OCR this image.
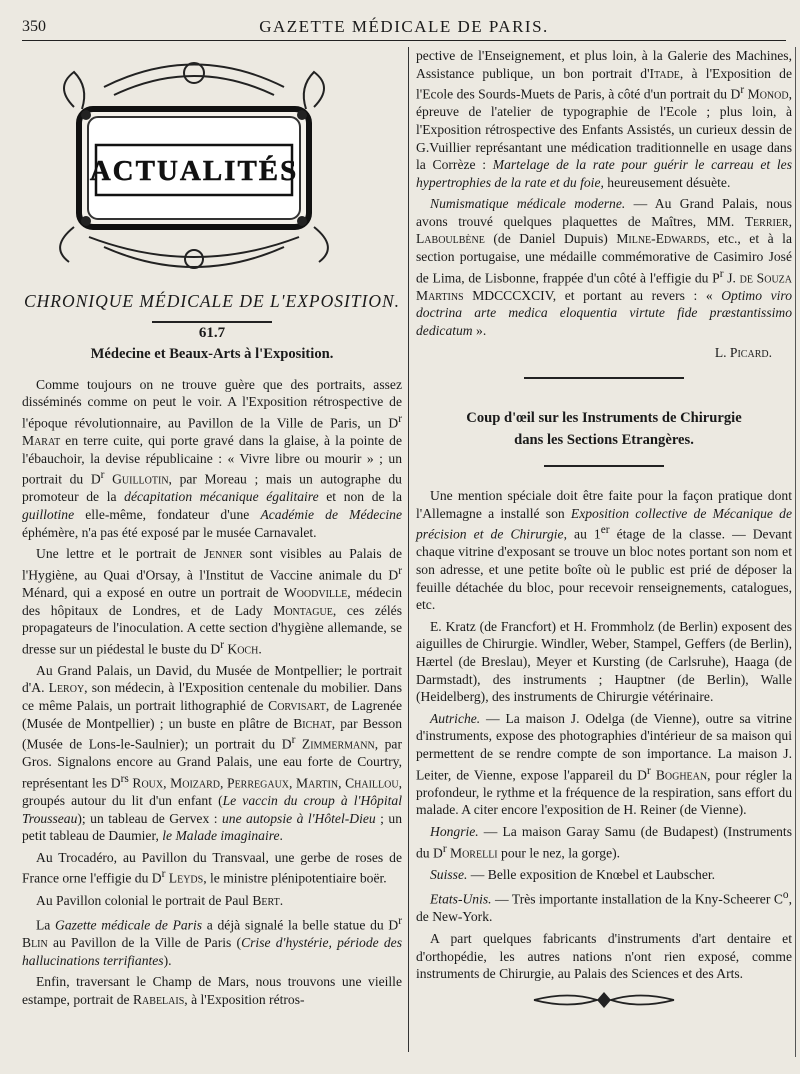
350	GAZETTE MÉDICALE DE PARIS.
ACTUALITÉS
CHRONIQUE MÉDICALE DE L'EXPOSITION.
61.7
Médecine et Beaux-Arts à l'Exposition.

Comme toujours on ne trouve guère que des portraits, assez disséminés comme on peut le voir. A l'Exposition rétrospective de l'époque révolutionnaire, au Pavillon de la Ville de Paris, un $D^r$ Marat en terre cuite, qui porte gravé dans la glaise, à la pointe de l'ébauchoir, la devise républicaine : « Vivre libre ou mourir » ; un portrait du $D^r$ Guillotin, par Moreau ; mais un autographe du promoteur de la décapitation mécanique égalitaire et non de la guillotine elle-même, fondateur d'une Académie de Médecine éphémère, n'a pas été exposé par le musée Carnavalet.

Une lettre et le portrait de Jenner sont visibles au Palais de l'Hygiène, au Quai d'Orsay, à l'Institut de Vaccine animale du $D^r$ Ménard, qui a exposé en outre un portrait de Woodville, médecin des hôpitaux de Londres, et de Lady Montague, ces zélés propagateurs de l'inoculation. A cette section d'hygiène allemande, se dresse sur un piédestal le buste du $D^r$ Koch.

Au Grand Palais, un David, du Musée de Montpellier; le portrait d'A. Leroy, son médecin, à l'Exposition centenale du mobilier. Dans ce même Palais, un portrait lithographié de Corvisart, de Lagrenée (Musée de Montpellier) ; un buste en plâtre de Bichat, par Besson (Musée de Lons-le-Saulnier); un portrait du $D^r$ Zimmermann, par Gros. Signalons encore au Grand Palais, une eau forte de Courtry, représentant les $D^{rs}$ Roux, Moizard, Perregaux, Martin, Chaillou, groupés autour du lit d'un enfant (Le vaccin du croup à l'Hôpital Trousseau); un tableau de Gervex : une autopsie à l'Hôtel-Dieu ; un petit tableau de Daumier, le Malade imaginaire.

Au Trocadéro, au Pavillon du Transvaal, une gerbe de roses de France orne l'effigie du $D^r$ Leyds, le ministre plénipotentiaire boër.

Au Pavillon colonial le portrait de Paul Bert.

La Gazette médicale de Paris a déjà signalé la belle statue du $D^r$ Blin au Pavillon de la Ville de Paris (Crise d'hystérie, période des hallucinations terrifiantes).

Enfin, traversant le Champ de Mars, nous trouvons une vieille estampe, portrait de Rabelais, à l'Exposition rétros-

pective de l'Enseignement, et plus loin, à la Galerie des Machines, Assistance publique, un bon portrait d'Itade, à l'Exposition de l'Ecole des Sourds-Muets de Paris, à côté d'un portrait du $D^r$ Monod, épreuve de l'atelier de typographie de l'Ecole ; plus loin, à l'Exposition rétrospective des Enfants Assistés, un curieux dessin de G.Vuillier représantant une médication traditionnelle en usage dans la Corrèze : Martelage de la rate pour guérir le carreau et les hypertrophies de la rate et du foie, heureusement désuète.

Numismatique médicale moderne. — Au Grand Palais, nous avons trouvé quelques plaquettes de Maîtres, MM. Terrier, Laboulbène (de Daniel Dupuis) Milne-Edwards, etc., et à la section portugaise, une médaille commémorative de Casimiro José de Lima, de Lisbonne, frappée d'un côté à l'effigie du $P^r$ J. de Souza Martins MDCCCXCIV, et portant au revers : « Optimo viro doctrina arte medica eloquentia virtute fide præstantissimo dedicatum ».

L. Picard.
Coup d'œil sur les Instruments de Chirurgie
dans les Sections Etrangères.

Une mention spéciale doit être faite pour la façon pratique dont l'Allemagne a installé son Exposition collective de Mécanique de précision et de Chirurgie, au 1er étage de la classe. — Devant chaque vitrine d'exposant se trouve un bloc notes portant son nom et son adresse, et une petite boîte où le public est prié de déposer la feuille détachée du bloc, pour recevoir renseignements, catalogues, etc.

E. Kratz (de Francfort) et H. Frommholz (de Berlin) exposent des aiguilles de Chirurgie. Windler, Weber, Stampel, Geffers (de Berlin), Hærtel (de Breslau), Meyer et Kursting (de Carlsruhe), Haaga (de Darmstadt), des instruments ; Hauptner (de Berlin), Walle (Heidelberg), des instruments de Chirurgie vétérinaire.

Autriche. — La maison J. Odelga (de Vienne), outre sa vitrine d'instruments, expose des photographies d'intérieur de sa maison qui permettent de se rendre compte de son importance. La maison J. Leiter, de Vienne, expose l'appareil du $D^r$ Boghean, pour régler la profondeur, le rythme et la fréquence de la respiration, sans effort du malade. A citer encore l'exposition de H. Reiner (de Vienne).

Hongrie. — La maison Garay Samu (de Budapest) (Instruments du $D^r$ Morelli pour le nez, la gorge).

Suisse. — Belle exposition de Knœbel et Laubscher.

Etats-Unis. — Très importante installation de la Kny-Scheerer $C^o$, de New-York.

A part quelques fabricants d'instruments d'art dentaire et d'orthopédie, les autres nations n'ont rien exposé, comme instruments de Chirurgie, au Palais des Sciences et des Arts.
